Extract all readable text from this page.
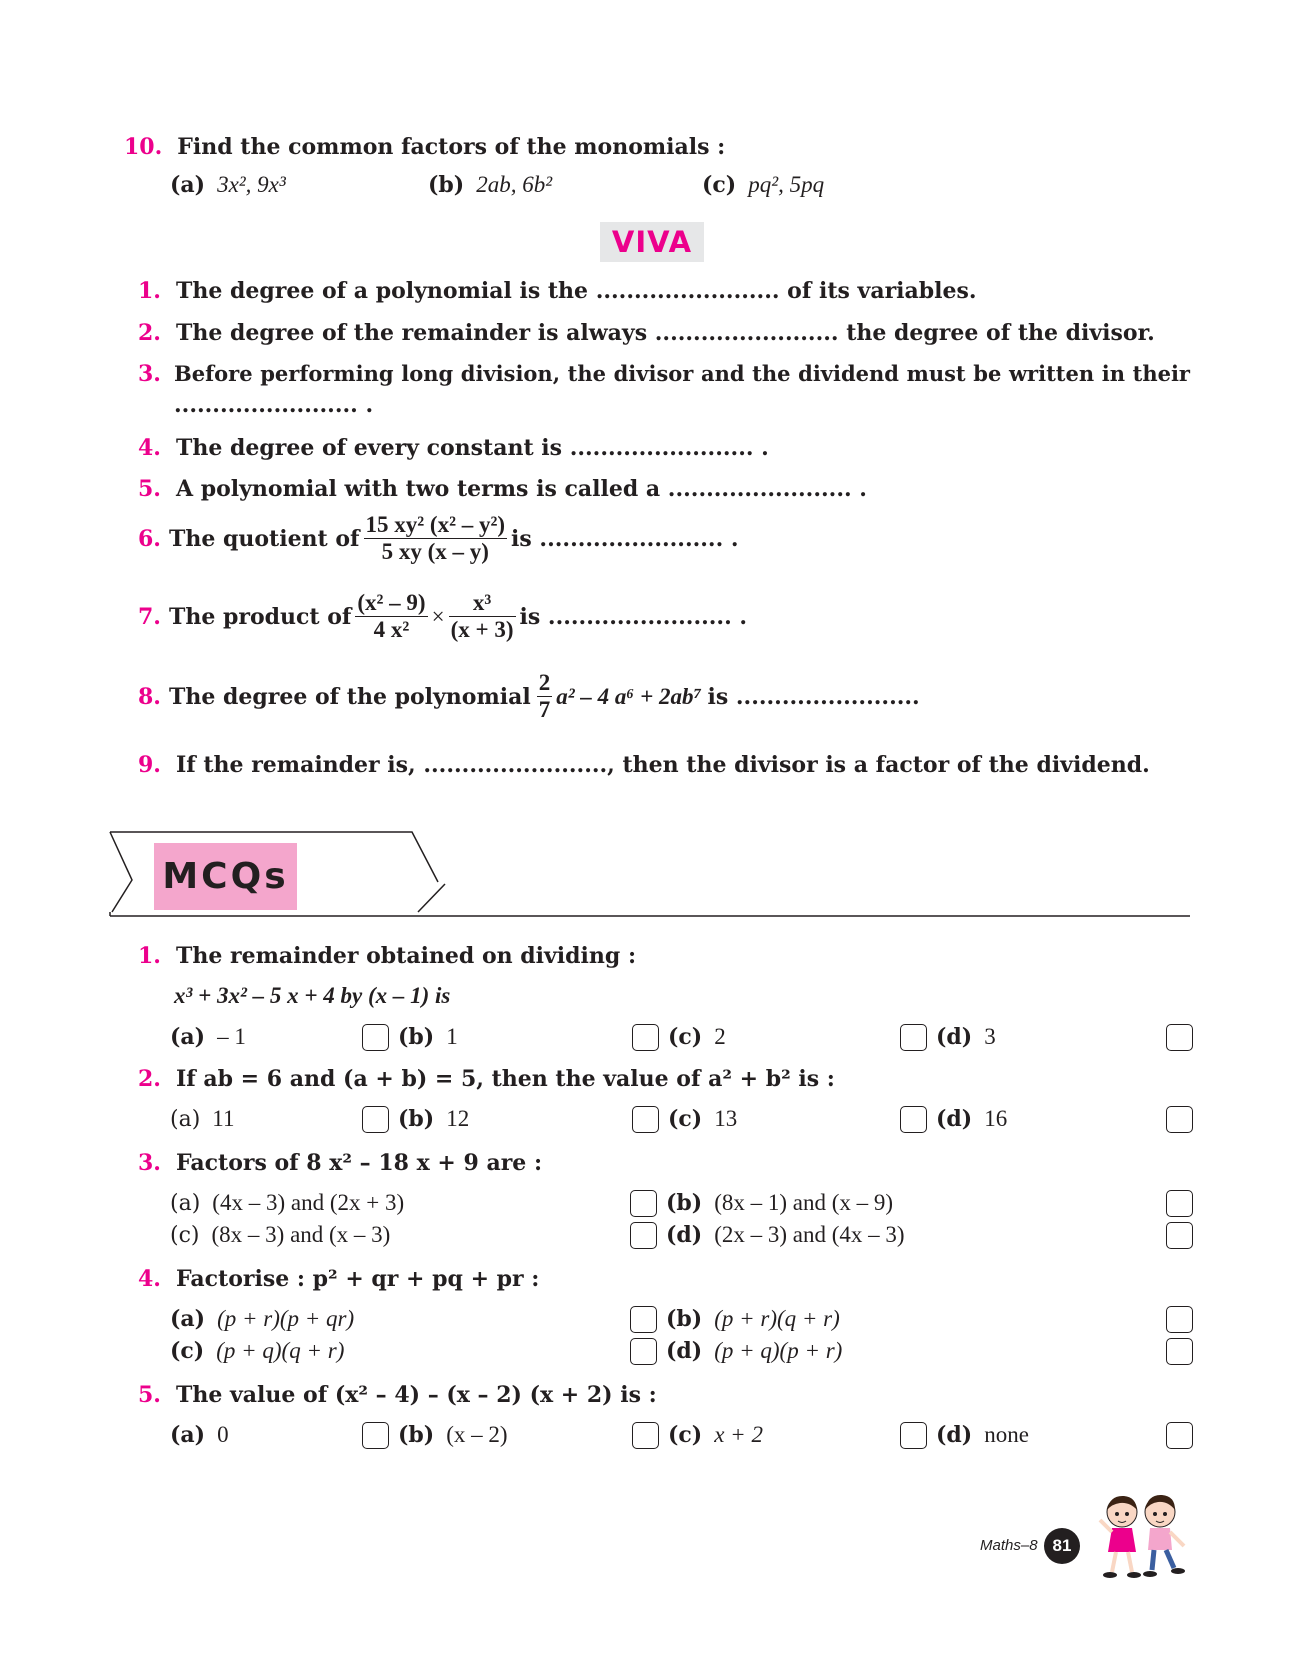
10. Find the common factors of the monomials :
(a) 3x², 9x³	(b) 2ab, 6b²	(c) pq², 5pq
VIVA
1. The degree of a polynomial is the ........................ of its variables.
2. The degree of the remainder is always ........................ the degree of the divisor.
3. Before performing long division, the divisor and the dividend must be written in their
........................ .
4. The degree of every constant is ........................ .
5. A polynomial with two terms is called a ........................ .
6. The quotient of $\frac{\text{15 xy² (x² – y²)}}{5 xy (x - y)}$ is ........................ .
7. The product of $\frac{\text{(x² – 9)}}{\text{4 x²}} \times \frac{\text{x³}}{(x + 3)}$ is ........................ .
8. The degree of the polynomial $\frac{2}{7} a^2 - 4$ a⁶ + 2ab⁷ is ........................
9. If the remainder is, ........................, then the divisor is a factor of the dividend.
MCQs
1. The remainder obtained on dividing :
x³ + 3x² – 5 x + 4 by (x – 1) is
(a) – 1	(b) 1	(c) 2	(d) 3
2. If ab = 6 and (a + b) = 5, then the value of a² + b² is :
(a) 11	(b) 12	(c) 13	(d) 16
3. Factors of 8 x² – 18 x + 9 are :
(a) (4x – 3) and (2x + 3)	(b) (8x – 1) and (x – 9)
(c) (8x – 3) and (x – 3)	(d) (2x – 3) and (4x – 3)
4. Factorise : p² + qr + pq + pr :
(a) (p + r)(p + qr)	(b) (p + r)(q + r)
(c) (p + q)(q + r)	(d) (p + q)(p + r)
5. The value of (x² – 4) – (x – 2) (x + 2) is :
(a) 0	(b) (x – 2)	(c) x + 2	(d) none
Maths–8 81
